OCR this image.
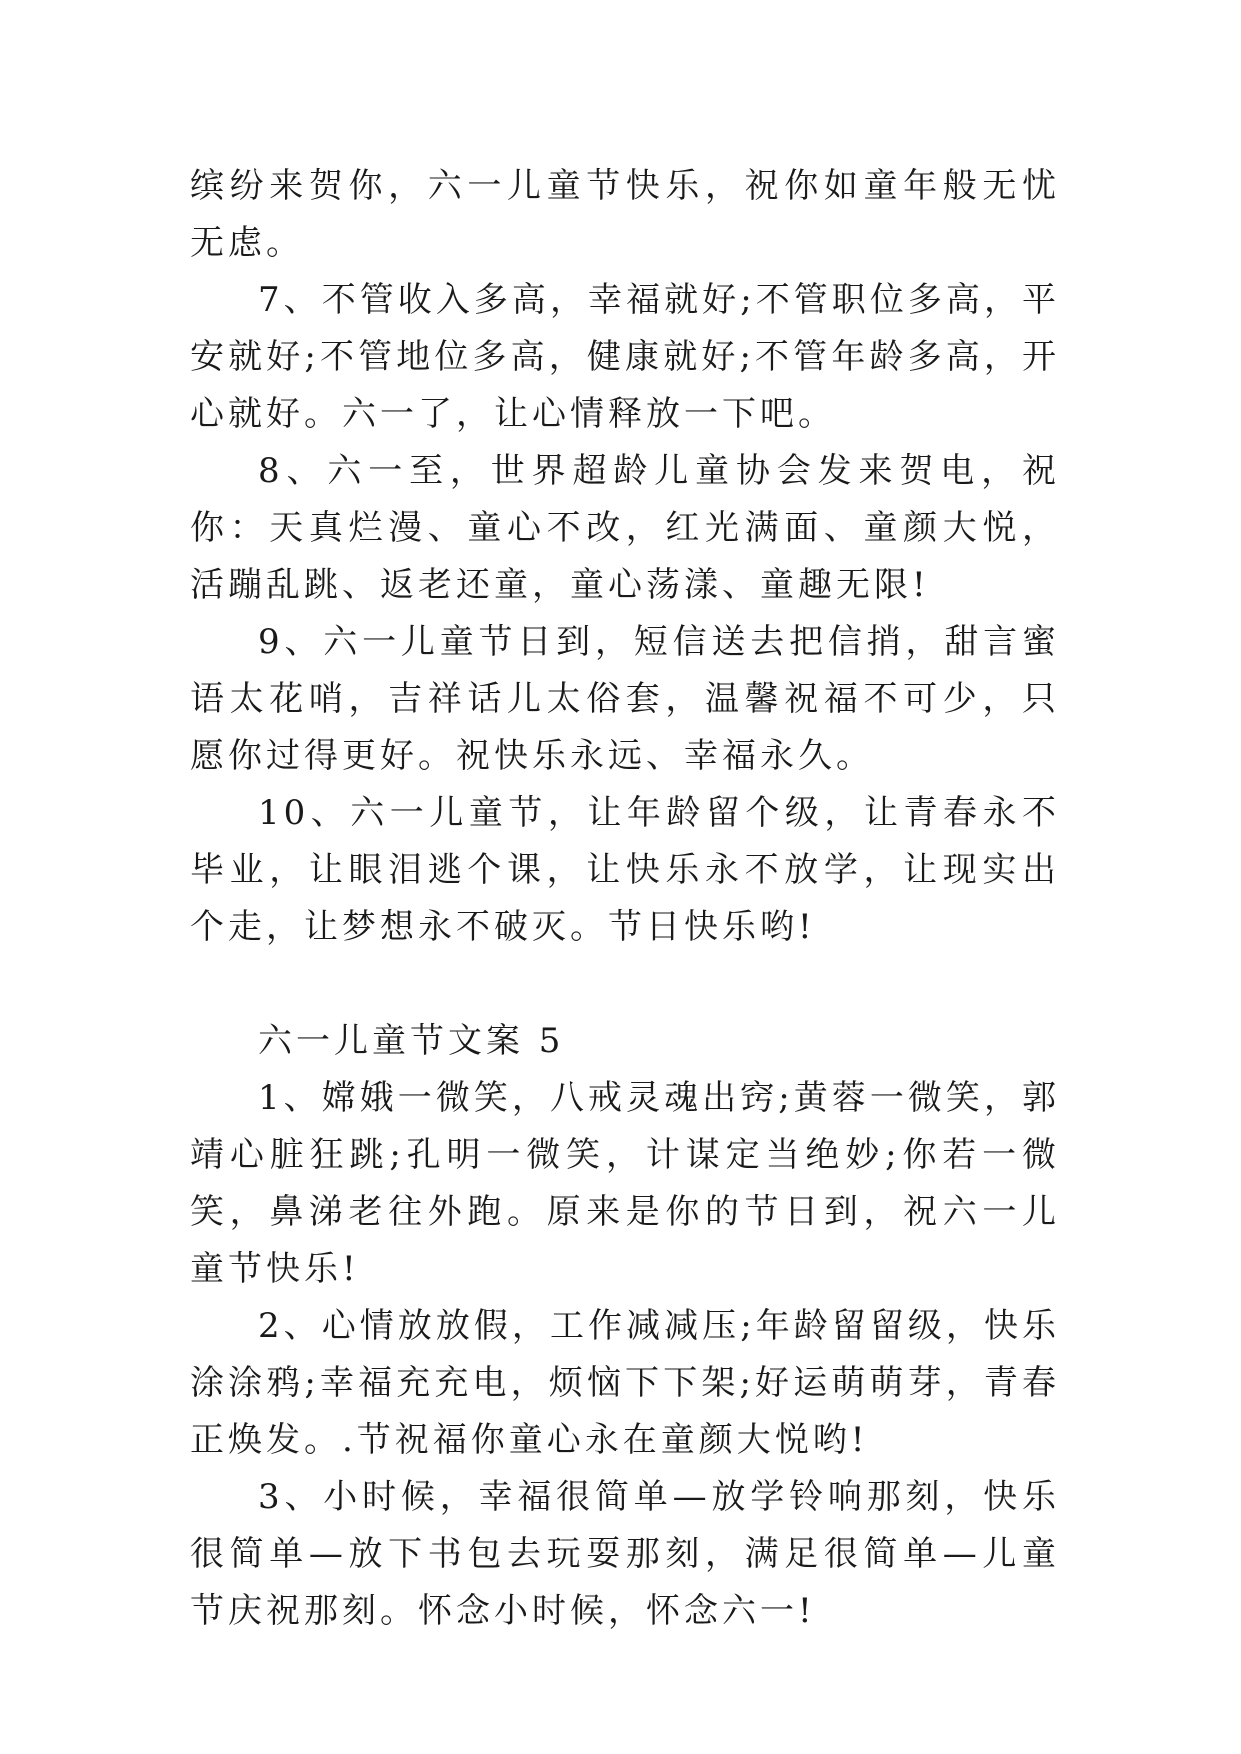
缤纷来贺你，六一儿童节快乐，祝你如童年般无忧无虑。

7、不管收入多高，幸福就好;不管职位多高，平安就好;不管地位多高，健康就好;不管年龄多高，开心就好。六一了，让心情释放一下吧。

8、六一至，世界超龄儿童协会发来贺电，祝你：天真烂漫、童心不改，红光满面、童颜大悦，活蹦乱跳、返老还童，童心荡漾、童趣无限!

9、六一儿童节日到，短信送去把信捎，甜言蜜语太花哨，吉祥话儿太俗套，温馨祝福不可少，只愿你过得更好。祝快乐永远、幸福永久。

10、六一儿童节，让年龄留个级，让青春永不毕业，让眼泪逃个课，让快乐永不放学，让现实出个走，让梦想永不破灭。节日快乐哟!

六一儿童节文案 5

1、嫦娥一微笑，八戒灵魂出窍;黄蓉一微笑，郭靖心脏狂跳;孔明一微笑，计谋定当绝妙;你若一微笑，鼻涕老往外跑。原来是你的节日到，祝六一儿童节快乐!

2、心情放放假，工作减减压;年龄留留级，快乐涂涂鸦;幸福充充电，烦恼下下架;好运萌萌芽，青春正焕发。.节祝福你童心永在童颜大悦哟!

3、小时候，幸福很简单—放学铃响那刻，快乐很简单—放下书包去玩耍那刻，满足很简单—儿童节庆祝那刻。怀念小时候，怀念六一!
